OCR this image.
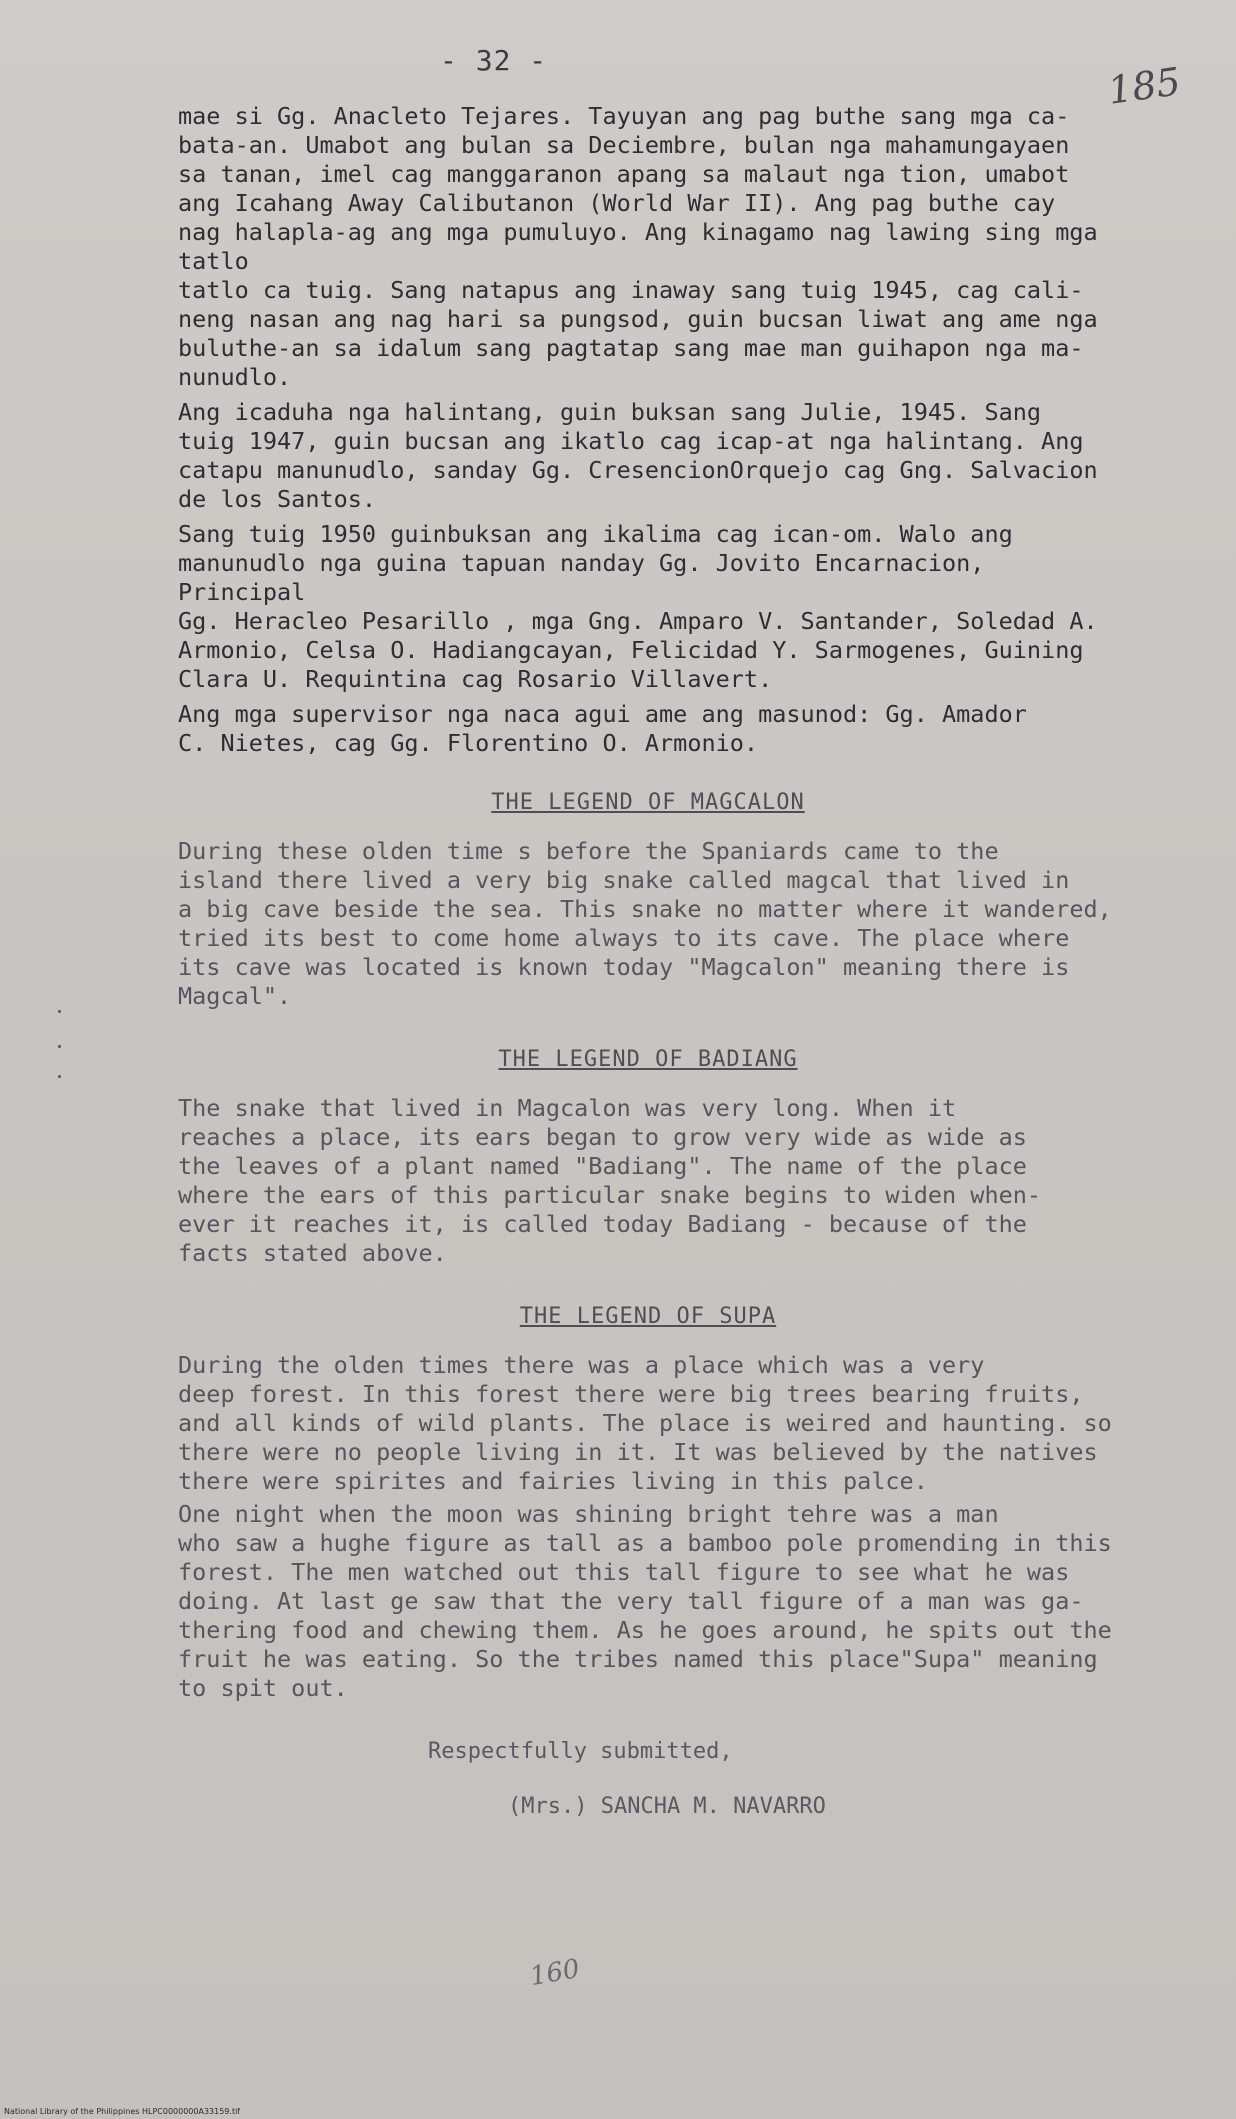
- 32 -	185

mae si Gg. Anacleto Tejares. Tayuyan ang pag buthe sang mga ca-
bata-an. Umabot ang bulan sa Deciembre, bulan nga mahamungayaen
sa tanan, imel cag manggaranon apang sa malaut nga tion, umabot
ang Icahang Away Calibutanon (World War II). Ang pag buthe cay
nag halapla-ag ang mga pumuluyo. Ang kinagamo nag lawing sing mga tatlo
tatlo ca tuig. Sang natapus ang inaway sang tuig 1945, cag cali-
neng nasan ang nag hari sa pungsod, guin bucsan liwat ang ame nga
buluthe-an sa idalum sang pagtatap sang mae man guihapon nga ma-
nunudlo.

Ang icaduha nga halintang, guin buksan sang Julie, 1945. Sang
tuig 1947, guin bucsan ang ikatlo cag icap-at nga halintang. Ang
catapu manunudlo, sanday Gg. CresencionOrquejo cag Gng. Salvacion
de los Santos.

Sang tuig 1950 guinbuksan ang ikalima cag ican-om. Walo ang
manunudlo nga guina tapuan nanday Gg. Jovito Encarnacion, Principal
Gg. Heracleo Pesarillo , mga Gng. Amparo V. Santander, Soledad A.
Armonio, Celsa O. Hadiangcayan, Felicidad Y. Sarmogenes, Guining
Clara U. Requintina cag Rosario Villavert.

Ang mga supervisor nga naca agui ame ang masunod: Gg. Amador
C. Nietes, cag Gg. Florentino O. Armonio.

THE LEGEND OF MAGCALON

During these olden time s before the Spaniards came to the
island there lived a very big snake called magcal that lived in
a big cave beside the sea. This snake no matter where it wandered,
tried its best to come home always to its cave. The place where
its cave was located is known today "Magcalon" meaning there is
Magcal".

THE LEGEND OF BADIANG

The snake that lived in Magcalon was very long. When it
reaches a place, its ears began to grow very wide as wide as
the leaves of a plant named "Badiang". The name of the place
where the ears of this particular snake begins to widen when-
ever it reaches it, is called today Badiang - because of the
facts stated above.

THE LEGEND OF SUPA

During the olden times there was a place which was a very
deep forest. In this forest there were big trees bearing fruits,
and all kinds of wild plants. The place is weired and haunting. so
there were no people living in it. It was believed by the natives
there were spirites and fairies living in this palce.

One night when the moon was shining bright tehre was a man
who saw a hughe figure as tall as a bamboo pole promending in this
forest. The men watched out this tall figure to see what he was
doing. At last ge saw that the very tall figure of a man was ga-
thering food and chewing them. As he goes around, he spits out the
fruit he was eating. So the tribes named this place"Supa" meaning
to spit out.

Respectfully submitted,
(Mrs.) SANCHA M. NAVARRO
160
National Library of the Philippines HLPC0000000A33159.tif
